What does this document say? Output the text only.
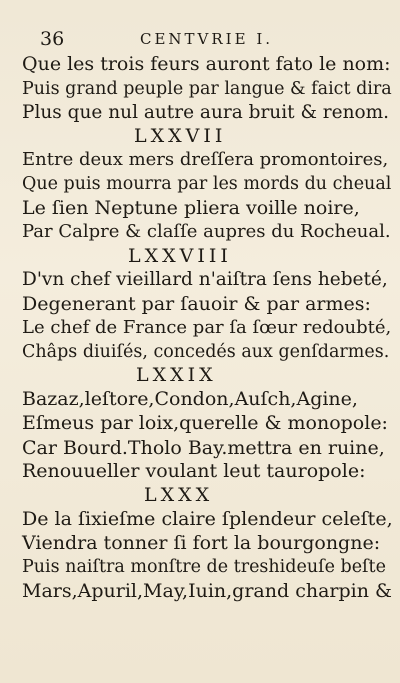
36	CENTVRIE I.
Que les trois feurs auront fato le nom:
Puis grand peuple par langue & faict dira
Plus que nul autre aura bruit & renom.
LXXVII
Entre deux mers dreſſera promontoires,
Que puis mourra par les mords du cheual
Le ſien Neptune pliera voille noire,
Par Calpre & claſſe aupres du Rocheual.
LXXVIII
D'vn chef vieillard n'aiſtra ſens hebeté,
Degenerant par ſauoir & par armes:
Le chef de France par ſa ſœur redoubté,
Châps diuiſés, concedés aux genſdarmes.
LXXIX
Bazaz,leſtore,Condon,Auſch,Agine,
Eſmeus par loix,querelle & monopole:
Car Bourd.Tholo Bay.mettra en ruine,
Renouueller voulant leut tauropole:
LXXX
De la ſixieſme claire ſplendeur celeſte,
Viendra tonner ſi fort la bourgongne:
Puis naiſtra monſtre de treshideuſe beſte
Mars,Apuril,May,Iuin,grand charpin &
